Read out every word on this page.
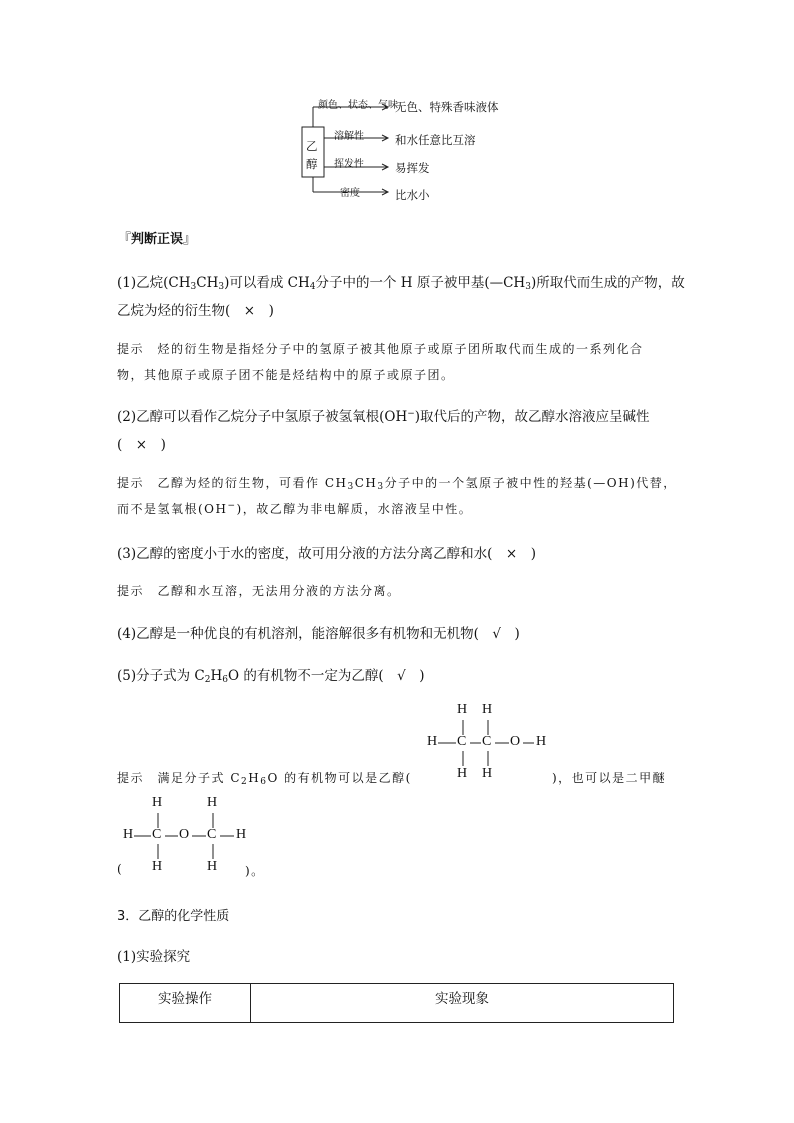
乙
醇
颜色、状态、气味
无色、特殊香味液体
溶解性	和水任意比互溶
挥发性	易挥发
密度	比水小
『判断正误』
(1)乙烷$(CH_3CH_3)$可以看成 $CH_4$分子中的一个 H 原子被甲基$(—CH_3)$所取代而生成的产物，故
乙烷为烃的衍生物(　×　)
提示　 烃的衍生物是指烃分子中的氢原子被其他原子或原子团所取代而生成的一系列化合
物，其他原子或原子团不能是烃结构中的原子或原子团。
(2)乙醇可以看作乙烷分子中氢原子被氢氧根(OH−)取代后的产物，故乙醇水溶液应呈碱性
(　×　)
提示　 乙醇为烃的衍生物，可看作 $CH_3CH_3$分子中的一个氢原子被中性的羟基(—OH)代替，
而不是氢氧根(OH−)，故乙醇为非电解质，水溶液呈中性。
(3)乙醇的密度小于水的密度，故可用分液的方法分离乙醇和水(　×　)
提示　 乙醇和水互溶，无法用分液的方法分离。
(4)乙醇是一种优良的有机溶剂，能溶解很多有机物和无机物(　√　)
(5)分子式为 $C_2H_6O$ 的有机物不一定为乙醇(　√　)
H H
H C C O H
H H
提示　 满足分子式 $C_2H_6O$ 的有机物可以是乙醇(	)，也可以是二甲醚
H	H
H C O C H
H	H
(	)。
3．乙醇的化学性质
(1)实验探究
实验操作	实验现象
